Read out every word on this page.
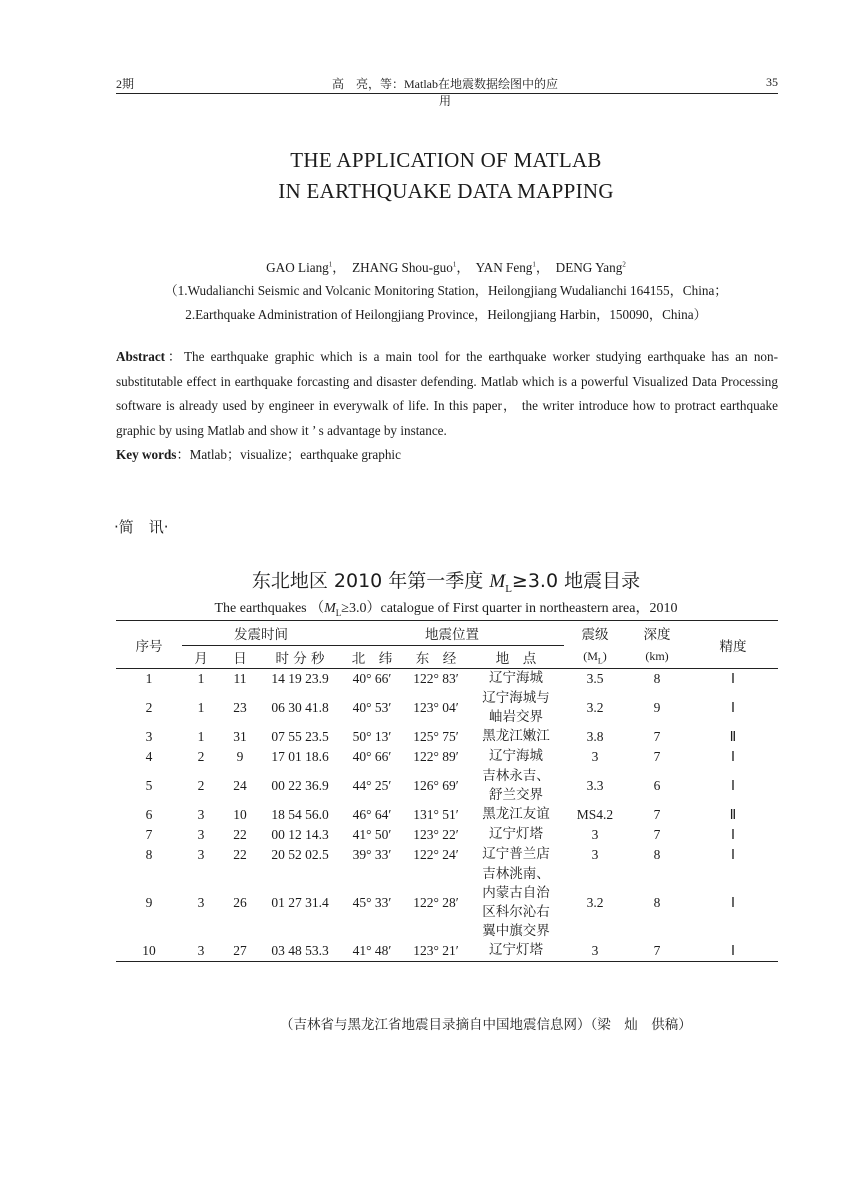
2期	高　亮，等：Matlab在地震数据绘图中的应用
35
THE APPLICATION OF MATLAB
IN EARTHQUAKE DATA MAPPING
GAO Liang$^1$，  ZHANG Shou-guo$^1$，  YAN Feng$^1$，  DENG Yang$^2$
（1.Wudalianchi Seismic and Volcanic Monitoring Station，Heilongjiang Wudalianchi 164155，China；
2.Earthquake Administration of Heilongjiang Province，Heilongjiang Harbin，150090，China）
Abstract：The earthquake graphic which is a main tool for the earthquake worker studying earthquake has an non-substitutable effect in earthquake forcasting and disaster defending. Matlab which is a powerful Visualized Data Processing software is already used by engineer in everywalk of life. In this paper， the writer introduce how to protract earthquake graphic by using Matlab and show it ’ s advantage by instance.
Key words：Matlab；visualize；earthquake graphic
·简　讯·
东北地区 2010 年第一季度 $M_L\ge 3.0$ 地震目录
The earthquakes $(M_L\ge 3.0)catalogue$ of First quarter in northeastern area，2010
序号	发震时间			地震位置			震级	深度	精度
	月	日	时 分 秒	北　纬	东　经	地　点	$(M_L)$	(km)	
1	1	11	14 19 23.9	40° 66′	122° 83′	辽宁海城	3.5	8	Ⅰ
2	1	23	06 30 41.8	40° 53′	123° 04′	辽宁海城与岫岩交界	3.2	9	Ⅰ
3	1	31	07 55 23.5	50° 13′	125° 75′	黑龙江嫩江	3.8	7	Ⅱ
4	2	9	17 01 18.6	40° 66′	122° 89′	辽宁海城	3	7	Ⅰ
5	2	24	00 22 36.9	44° 25′	126° 69′	吉林永吉、舒兰交界	3.3	6	Ⅰ
6	3	10	18 54 56.0	46° 64′	131° 51′	黑龙江友谊	MS4.2	7	Ⅱ
7	3	22	00 12 14.3	41° 50′	123° 22′	辽宁灯塔	3	7	Ⅰ
8	3	22	20 52 02.5	39° 33′	122° 24′	辽宁普兰店	3	8	Ⅰ
9	3	26	01 27 31.4	45° 33′	122° 28′	吉林洮南、内蒙古自治区科尔沁右翼中旗交界	3.2	8	Ⅰ
10	3	27	03 48 53.3	41° 48′	123° 21′	辽宁灯塔	3	7	Ⅰ
（吉林省与黑龙江省地震目录摘自中国地震信息网）（梁　灿　供稿）
